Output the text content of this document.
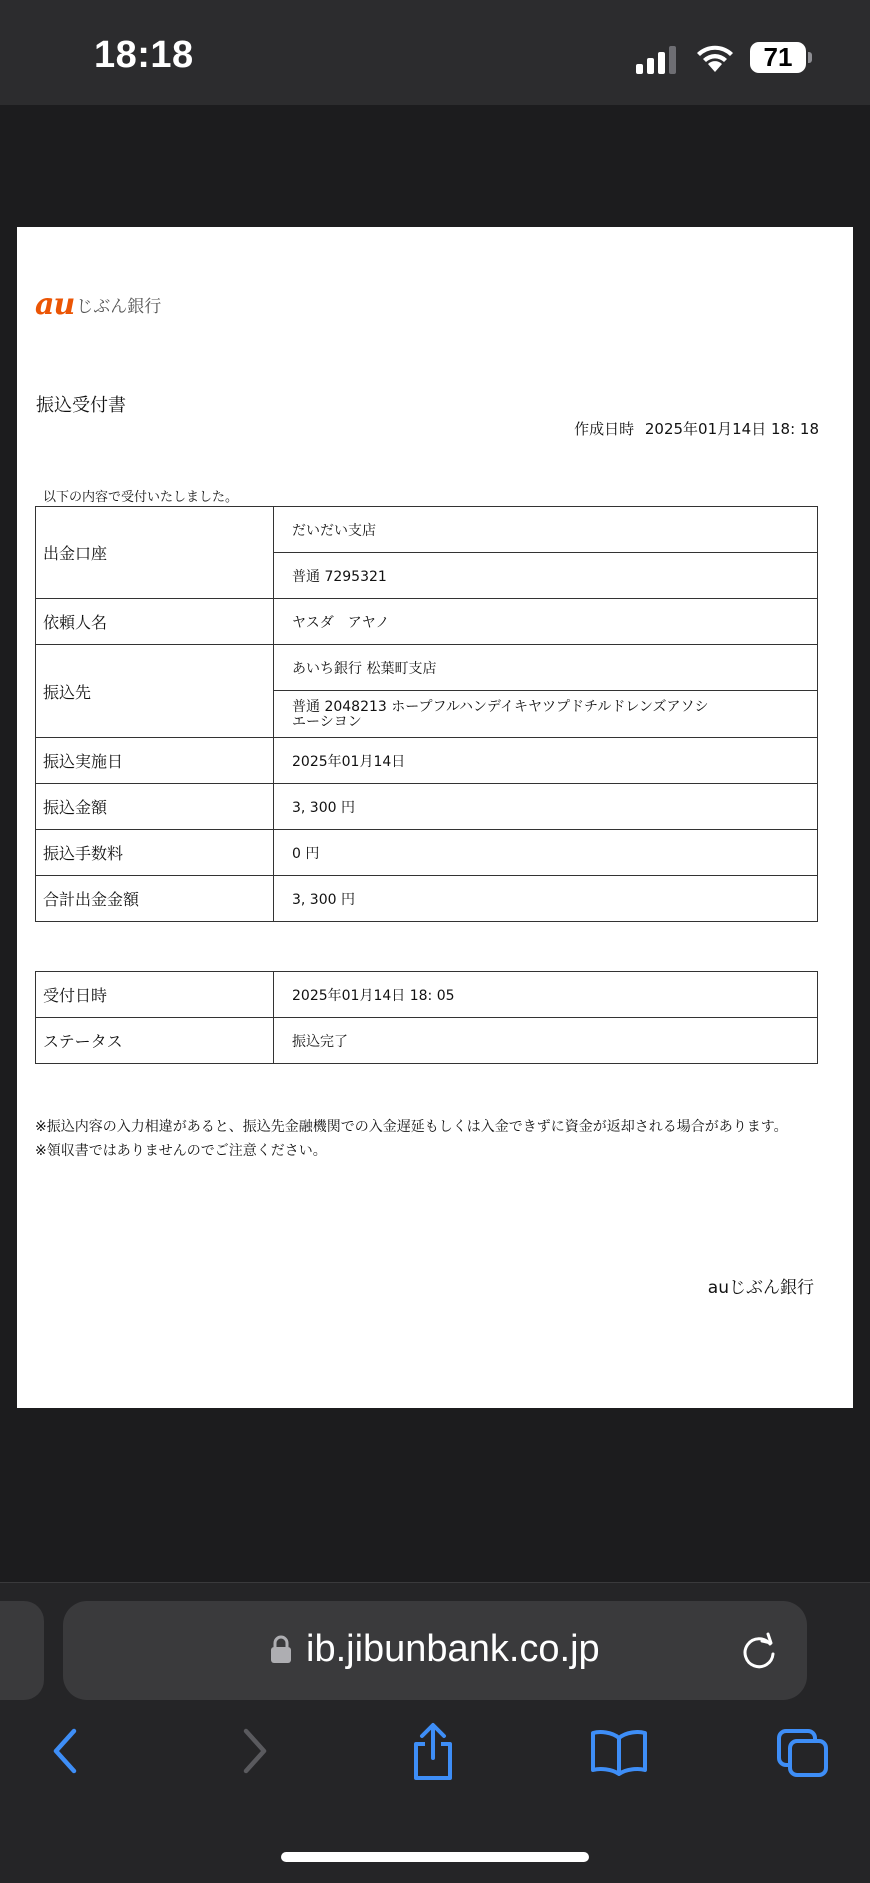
18:18	71
au じぶん銀行
振込受付書
作成日時 2025年01月14日 18: 18
以下の内容で受付いたしました。
出金口座	だいだい支店
	普通 7295321
依頼人名	ヤスダ　アヤノ
振込先	あいち銀行 松葉町支店

	普通 2048213 ホープフルハンデイキヤツプドチルドレンズアソシ
エーシヨン

振込実施日	2025年01月14日
振込金額	3, 300 円
振込手数料	0 円
合計出金金額	3, 300 円
受付日時	2025年01月14日 18: 05
ステータス	振込完了
※振込内容の入力相違があると、振込先金融機関での入金遅延もしくは入金できずに資金が返却される場合があります。
※領収書ではありませんのでご注意ください。
auじぶん銀行
ib.jibunbank.co.jp
